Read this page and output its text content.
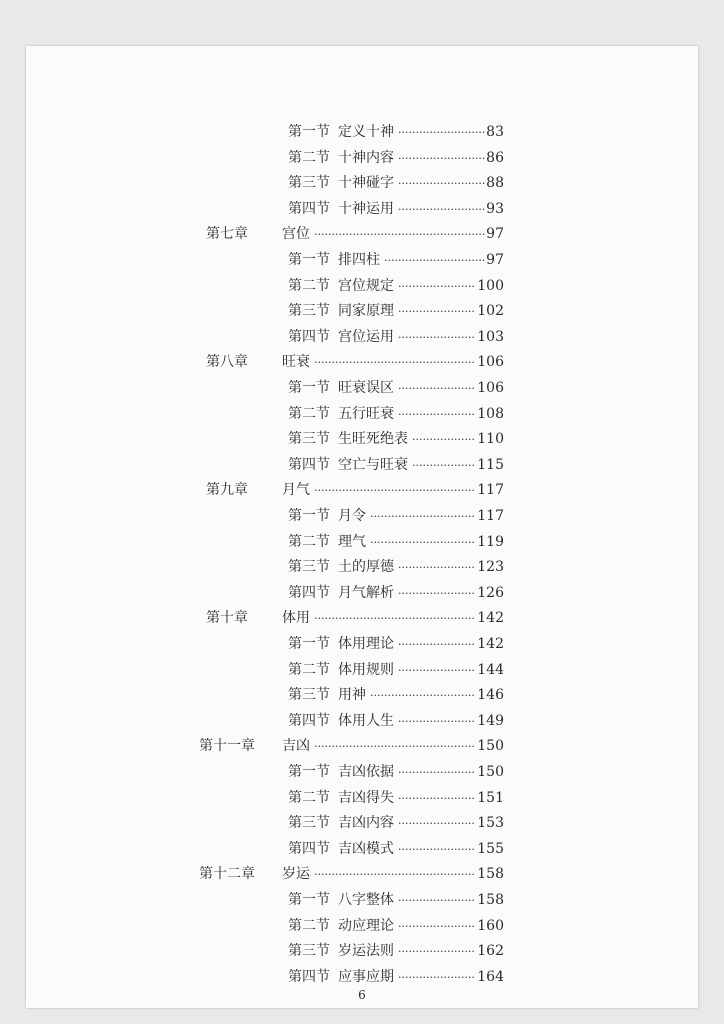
第一节 定义十神 ·····	83
第二节 十神内容 ·····	86
第三节 十神碰字 ·····	88
第四节 十神运用 ·····	93
第七章 宫位 ·····	97
第一节 排四柱 ·····	97
第二节 宫位规定 ·····	100
第三节 同家原理 ·····	102
第四节 宫位运用 ·····	103
第八章 旺衰 ·····	106
第一节 旺衰误区 ·····	106
第二节 五行旺衰 ·····	108
第三节 生旺死绝表 ·····	110
第四节 空亡与旺衰 ·····	115
第九章 月气 ·····	117
第一节 月令 ·····	117
第二节 理气 ·····	119
第三节 土的厚德 ·····	123
第四节 月气解析 ·····	126
第十章 体用 ·····	142
第一节 体用理论 ·····	142
第二节 体用规则 ·····	144
第三节 用神 ·····	146
第四节 体用人生 ·····	149
第十一章 吉凶 ·····	150
第一节 吉凶依据 ·····	150
第二节 吉凶得失 ·····	151
第三节 吉凶内容 ·····	153
第四节 吉凶模式 ·····	155
第十二章 岁运 ·····	158
第一节 八字整体 ·····	158
第二节 动应理论 ·····	160
第三节 岁运法则 ·····	162
第四节 应事应期 ·····	164
6
